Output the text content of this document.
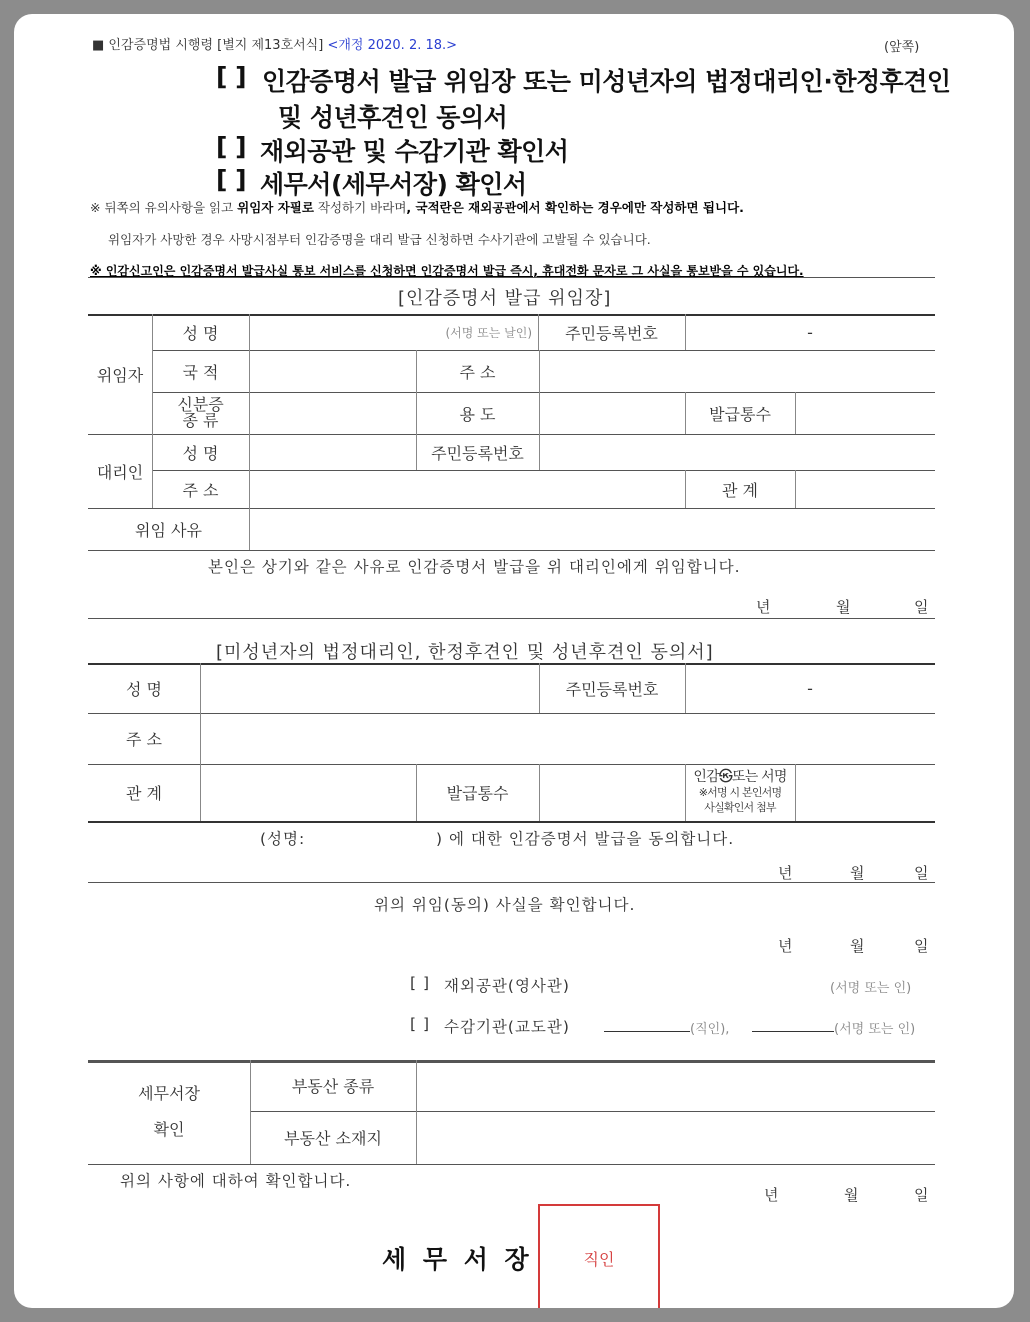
■ 인감증명법 시행령 [별지 제13호서식] <개정 2020. 2. 18.>	(앞쪽)
[ ] 인감증명서 발급 위임장 또는 미성년자의 법정대리인·한정후견인
및 성년후견인 동의서
[ ] 재외공관 및 수감기관 확인서
[ ] 세무서(세무서장) 확인서
※ 뒤쪽의 유의사항을 읽고 위임자 자필로 작성하기 바라며, 국적란은 재외공관에서 확인하는 경우에만 작성하면 됩니다.
위임자가 사망한 경우 사망시점부터 인감증명을 대리 발급 신청하면 수사기관에 고발될 수 있습니다.
※ 인감신고인은 인감증명서 발급사실 통보 서비스를 신청하면 인감증명서 발급 즉시, 휴대전화 문자로 그 사실을 통보받을 수 있습니다.
[인감증명서 발급 위임장]
위임자
성 명	(서명 또는 날인)	주민등록번호	-
국 적	주 소
신분증
종 류	용 도	발급통수
대리인
성 명	주민등록번호
주 소	관 계
위임 사유
본인은 상기와 같은 사유로 인감증명서 발급을 위 대리인에게 위임합니다.
년	월	일
[미성년자의 법정대리인, 한정후견인 및 성년후견인 동의서]
성 명	주민등록번호	-
주 소
관 계	발급통수
인감㉿또는 서명
※서명 시 본인서명
사실확인서 첨부
(성명:	) 에 대한 인감증명서 발급을 동의합니다.
년	월	일
위의 위임(동의) 사실을 확인합니다.
년	월	일
[ ] 재외공관(영사관)	(서명 또는 인)
[ ] 수감기관(교도관)	(직인),	(서명 또는 인)
세무서장
확인
부동산 종류
부동산 소재지
위의 사항에 대하여 확인합니다.
년	월	일
세 무 서 장	직인
